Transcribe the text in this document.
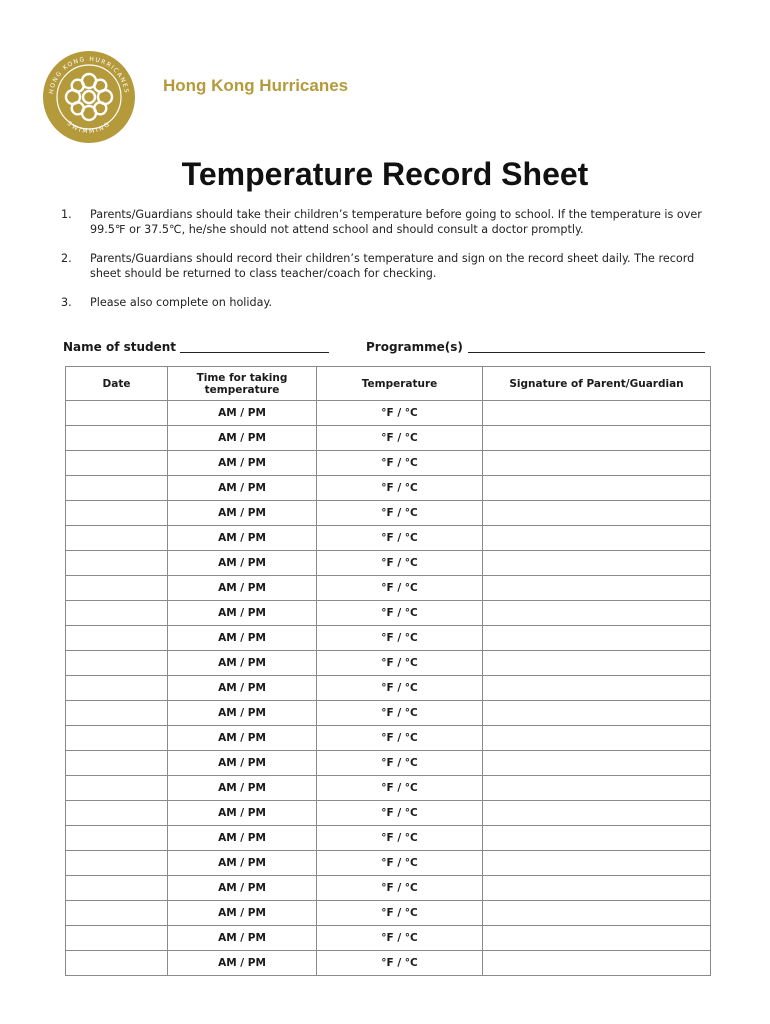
HONG KONG HURRICANES
SWIMMING
Hong Kong Hurricanes
Temperature Record Sheet
1. Parents/Guardians should take their children’s temperature before going to school. If the temperature is over 99.5℉ or 37.5℃, he/she should not attend school and should consult a doctor promptly.
2. Parents/Guardians should record their children’s temperature and sign on the record sheet daily. The record sheet should be returned to class teacher/coach for checking.
3. Please also complete on holiday.
Name of student	Programme(s)
Date	Time for taking temperature	Temperature	Signature of Parent/Guardian
	AM / PM	°F / °C	
	AM / PM	°F / °C	
	AM / PM	°F / °C	
	AM / PM	°F / °C	
	AM / PM	°F / °C	
	AM / PM	°F / °C	
	AM / PM	°F / °C	
	AM / PM	°F / °C	
	AM / PM	°F / °C	
	AM / PM	°F / °C	
	AM / PM	°F / °C	
	AM / PM	°F / °C	
	AM / PM	°F / °C	
	AM / PM	°F / °C	
	AM / PM	°F / °C	
	AM / PM	°F / °C	
	AM / PM	°F / °C	
	AM / PM	°F / °C	
	AM / PM	°F / °C	
	AM / PM	°F / °C	
	AM / PM	°F / °C	
	AM / PM	°F / °C	
	AM / PM	°F / °C	
